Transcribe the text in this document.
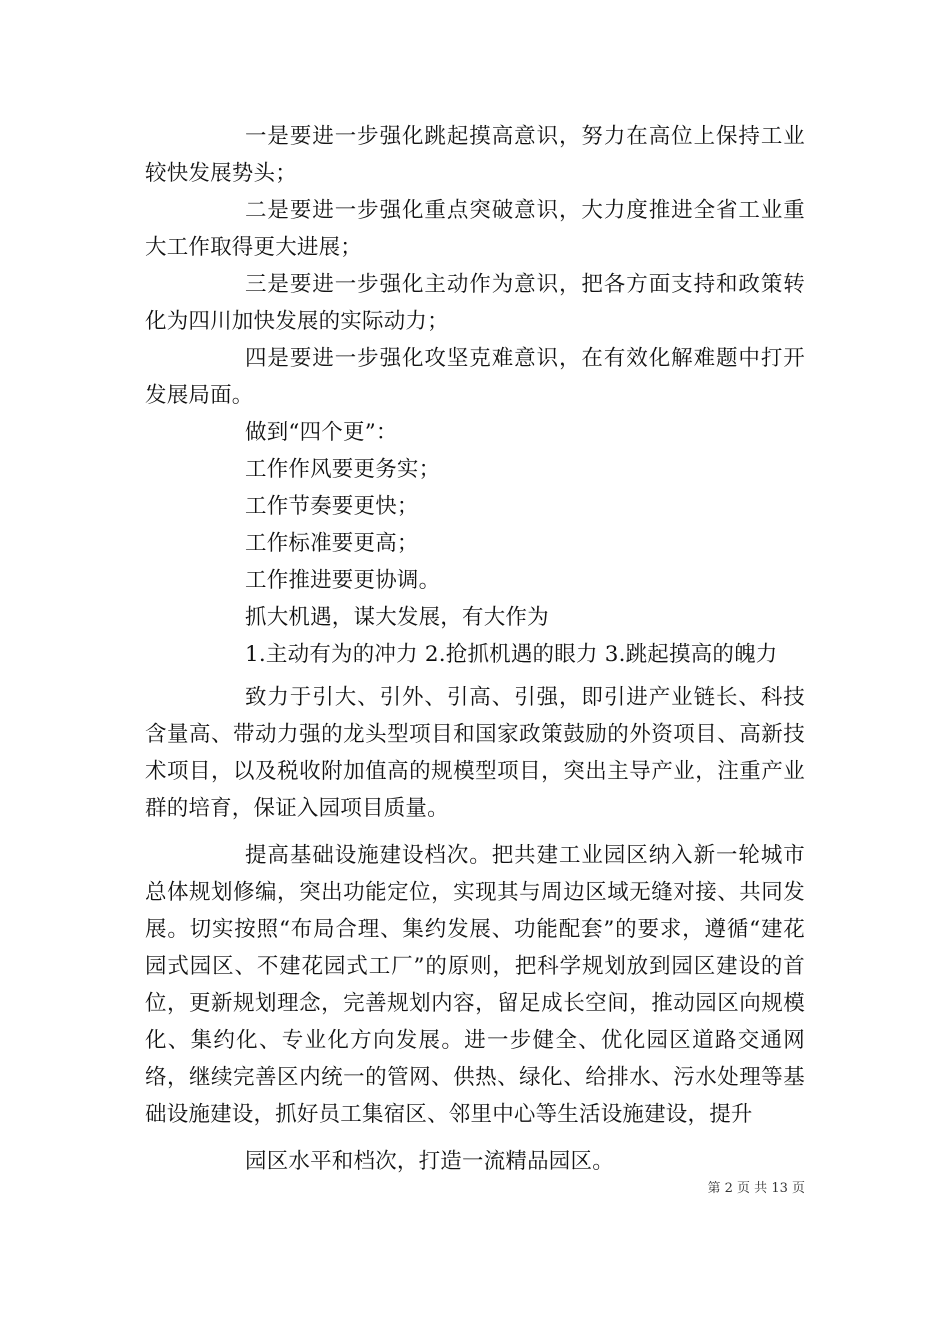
一是要进一步强化跳起摸高意识，努力在高位上保持工业较快发展势头；

二是要进一步强化重点突破意识，大力度推进全省工业重大工作取得更大进展；

三是要进一步强化主动作为意识，把各方面支持和政策转化为四川加快发展的实际动力；

四是要进一步强化攻坚克难意识，在有效化解难题中打开发展局面。

做到“四个更”：

工作作风要更务实；

工作节奏要更快；

工作标准要更高；

工作推进要更协调。

抓大机遇，谋大发展，有大作为

1.主动有为的冲力 2.抢抓机遇的眼力 3.跳起摸高的魄力

致力于引大、引外、引高、引强，即引进产业链长、科技含量高、带动力强的龙头型项目和国家政策鼓励的外资项目、高新技术项目，以及税收附加值高的规模型项目，突出主导产业，注重产业群的培育，保证入园项目质量。

提高基础设施建设档次。把共建工业园区纳入新一轮城市总体规划修编，突出功能定位，实现其与周边区域无缝对接、共同发展。切实按照“布局合理、集约发展、功能配套”的要求，遵循“建花园式园区、不建花园式工厂”的原则，把科学规划放到园区建设的首位，更新规划理念，完善规划内容，留足成长空间，推动园区向规模化、集约化、专业化方向发展。进一步健全、优化园区道路交通网络，继续完善区内统一的管网、供热、绿化、给排水、污水处理等基础设施建设，抓好员工集宿区、邻里中心等生活设施建设，提升

园区水平和档次，打造一流精品园区。

第 2 页 共 13 页
